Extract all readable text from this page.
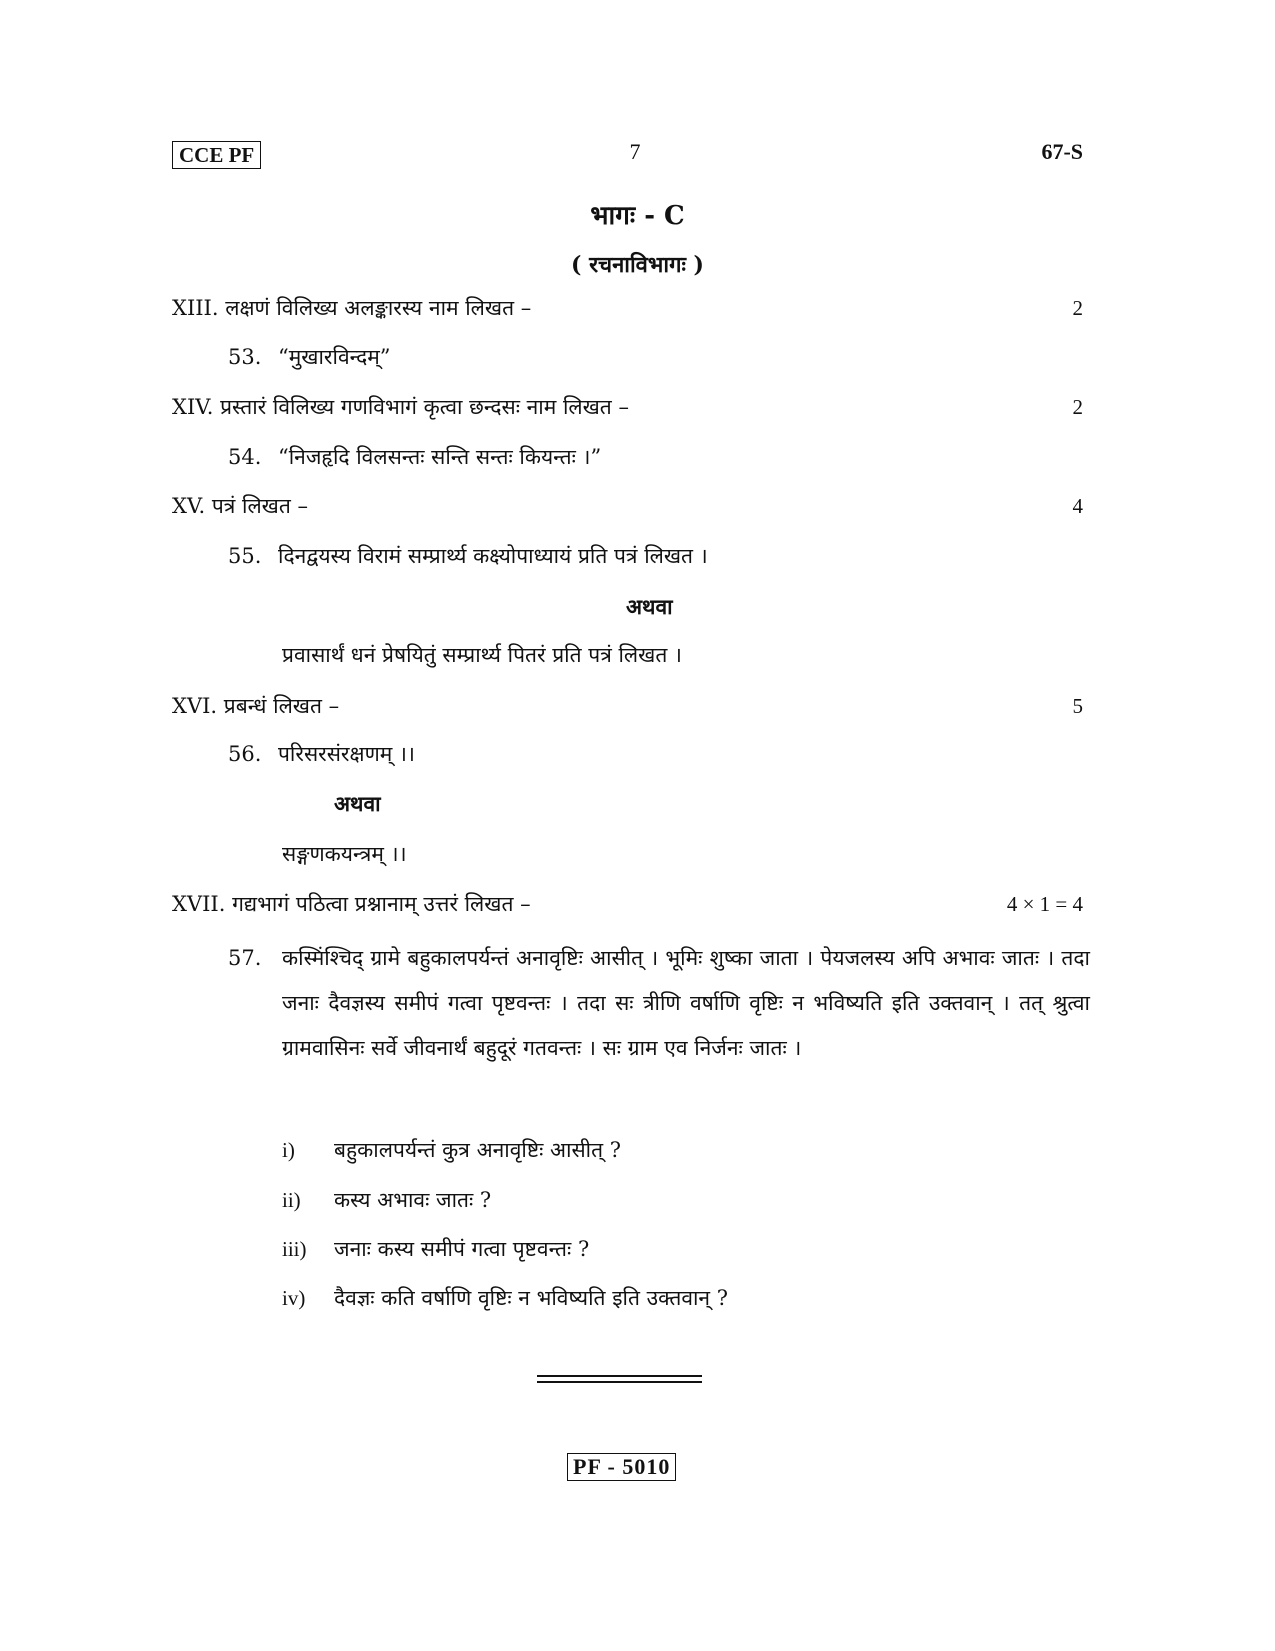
CCE PF	7	67-S
भागः - C
( रचनाविभागः )
XIII. लक्षणं विलिख्य अलङ्कारस्य नाम लिखत –	2
53. “मुखारविन्दम्”
XIV. प्रस्तारं विलिख्य गणविभागं कृत्वा छन्दसः नाम लिखत –	2
54. “निजहृदि विलसन्तः सन्ति सन्तः कियन्तः ।”
XV. पत्रं लिखत –	4
55. दिनद्वयस्य विरामं सम्प्रार्थ्य कक्ष्योपाध्यायं प्रति पत्रं लिखत ।
अथवा
प्रवासार्थं धनं प्रेषयितुं सम्प्रार्थ्य पितरं प्रति पत्रं लिखत ।
XVI. प्रबन्धं लिखत –	5
56. परिसरसंरक्षणम् ।।
अथवा
सङ्गणकयन्त्रम् ।।
XVII. गद्यभागं पठित्वा प्रश्नानाम् उत्तरं लिखत –	4 × 1 = 4
57. कस्मिंश्चिद् ग्रामे बहुकालपर्यन्तं अनावृष्टिः आसीत् । भूमिः शुष्का जाता । पेयजलस्य अपि अभावः जातः । तदा जनाः दैवज्ञस्य समीपं गत्वा पृष्टवन्तः । तदा सः त्रीणि वर्षाणि वृष्टिः न भविष्यति इति उक्तवान् । तत् श्रुत्वा ग्रामवासिनः सर्वे जीवनार्थं बहुदूरं गतवन्तः । सः ग्राम एव निर्जनः जातः ।
i) बहुकालपर्यन्तं कुत्र अनावृष्टिः आसीत् ?
ii) कस्य अभावः जातः ?
iii) जनाः कस्य समीपं गत्वा पृष्टवन्तः ?
iv) दैवज्ञः कति वर्षाणि वृष्टिः न भविष्यति इति उक्तवान् ?
PF - 5010
